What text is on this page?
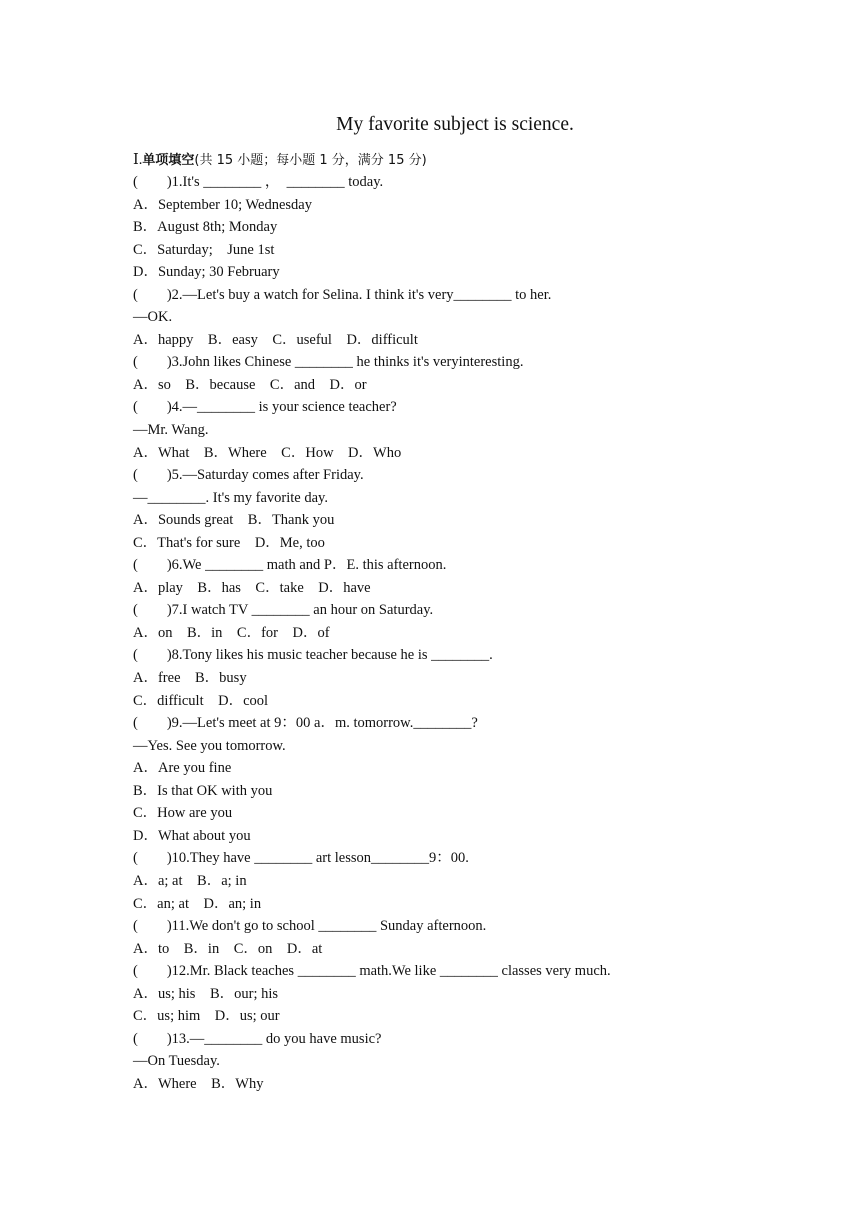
My favorite subject is science.
Ⅰ.单项填空(共 15 小题；每小题 1 分，满分 15 分)
(        )1.It's ________ ，  ________ today.
A．September 10; Wednesday
B．August 8th; Monday
C．Saturday;    June 1st
D．Sunday; 30 February
(        )2.—Let's buy a watch for Selina. I think it's very________ to her.
—OK.
A．happy    B．easy    C．useful    D．difficult
(        )3.John likes Chinese ________ he thinks it's veryinteresting.
A．so    B．because    C．and    D．or
(        )4.—________ is your science teacher?
—Mr. Wang.
A．What    B．Where    C．How    D．Who
(        )5.—Saturday comes after Friday.
—________. It's my favorite day.
A．Sounds great    B．Thank you
C．That's for sure    D．Me, too
(        )6.We ________ math and P．E. this afternoon.
A．play    B．has    C．take    D．have
(        )7.I watch TV ________ an hour on Saturday.
A．on    B．in    C．for    D．of
(        )8.Tony likes his music teacher because he is ________.
A．free    B．busy
C．difficult    D．cool
(        )9.—Let's meet at 9：00 a．m. tomorrow.________?
—Yes. See you tomorrow.
A．Are you fine
B．Is that OK with you
C．How are you
D．What about you
(        )10.They have ________ art lesson________9：00.
A．a; at    B．a; in
C．an; at    D．an; in
(        )11.We don't go to school ________ Sunday afternoon.
A．to    B．in    C．on    D．at
(        )12.Mr. Black teaches ________ math.We like ________ classes very much.
A．us; his    B．our; his
C．us; him    D．us; our
(        )13.—________ do you have music?
—On Tuesday.
A．Where    B．Why
